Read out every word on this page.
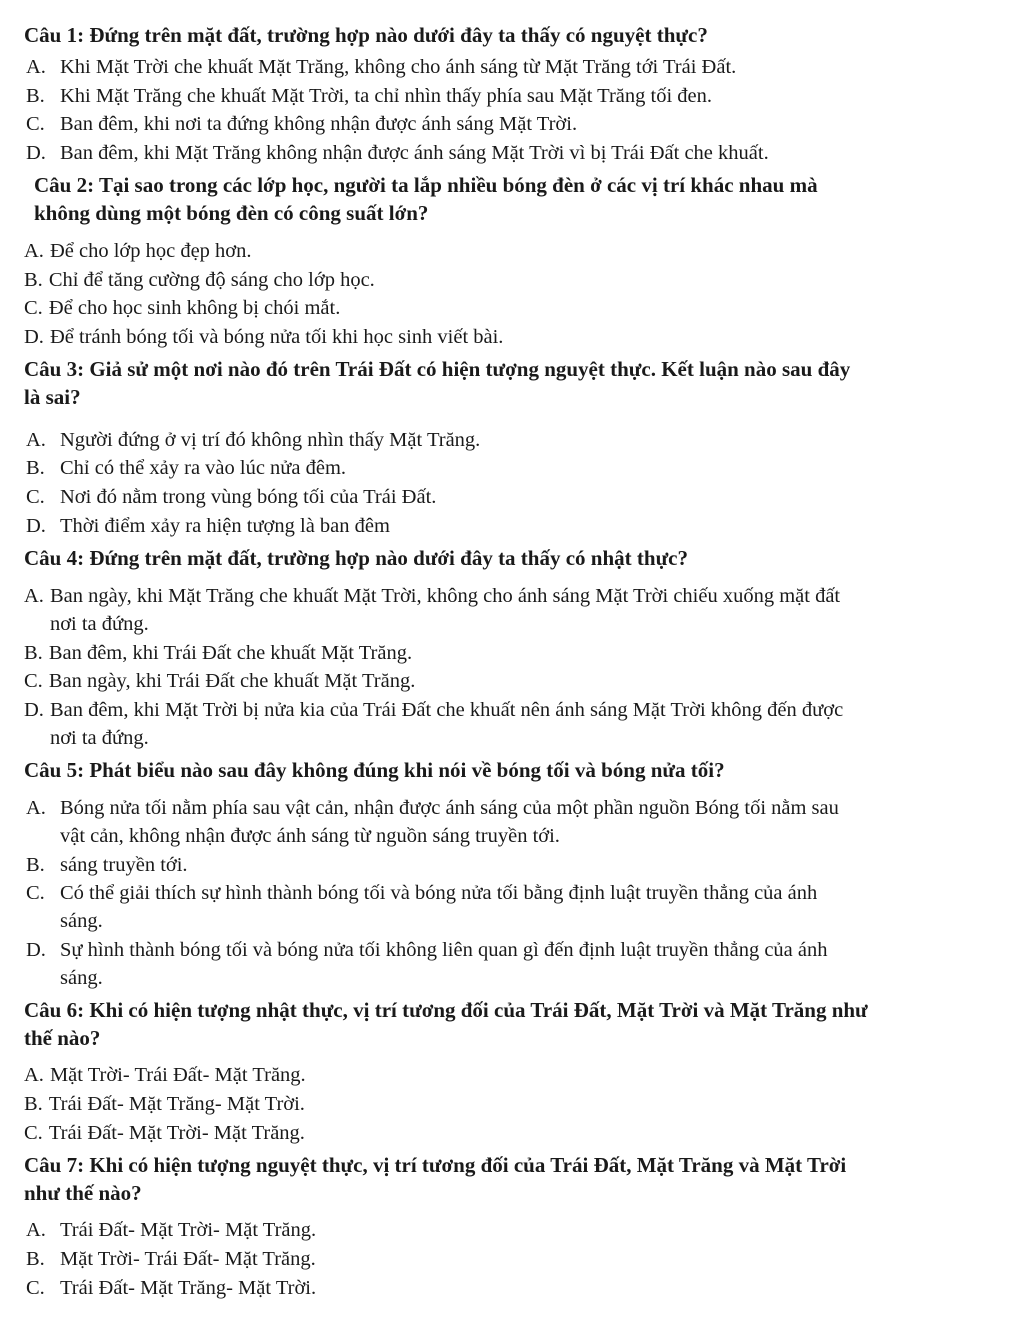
Câu 1: Đứng trên mặt đất, trường hợp nào dưới đây ta thấy có nguyệt thực?
A. Khi Mặt Trời che khuất Mặt Trăng, không cho ánh sáng từ Mặt Trăng tới Trái Đất.
B. Khi Mặt Trăng che khuất Mặt Trời, ta chỉ nhìn thấy phía sau Mặt Trăng tối đen.
C. Ban đêm, khi nơi ta đứng không nhận được ánh sáng Mặt Trời.
D. Ban đêm, khi Mặt Trăng không nhận được ánh sáng Mặt Trời vì bị Trái Đất che khuất.
Câu 2: Tại sao trong các lớp học, người ta lắp nhiều bóng đèn ở các vị trí khác nhau mà
không dùng một bóng đèn có công suất lớn?
A. Để cho lớp học đẹp hơn.
B. Chỉ để tăng cường độ sáng cho lớp học.
C. Để cho học sinh không bị chói mắt.
D. Để tránh bóng tối và bóng nửa tối khi học sinh viết bài.
Câu 3: Giả sử một nơi nào đó trên Trái Đất có hiện tượng nguyệt thực. Kết luận nào sau đây
là sai?
A. Người đứng ở vị trí đó không nhìn thấy Mặt Trăng.
B. Chỉ có thể xảy ra vào lúc nửa đêm.
C. Nơi đó nằm trong vùng bóng tối của Trái Đất.
D. Thời điểm xảy ra hiện tượng là ban đêm
Câu 4: Đứng trên mặt đất, trường hợp nào dưới đây ta thấy có nhật thực?
A. Ban ngày, khi Mặt Trăng che khuất Mặt Trời, không cho ánh sáng Mặt Trời chiếu xuống mặt đất
nơi ta đứng.
B. Ban đêm, khi Trái Đất che khuất Mặt Trăng.
C. Ban ngày, khi Trái Đất che khuất Mặt Trăng.
D. Ban đêm, khi Mặt Trời bị nửa kia của Trái Đất che khuất nên ánh sáng Mặt Trời không đến được
nơi ta đứng.
Câu 5: Phát biểu nào sau đây không đúng khi nói về bóng tối và bóng nửa tối?
A. Bóng nửa tối nằm phía sau vật cản, nhận được ánh sáng của một phần nguồn Bóng tối nằm sau
vật cản, không nhận được ánh sáng từ nguồn sáng truyền tới.
B. sáng truyền tới.
C. Có thể giải thích sự hình thành bóng tối và bóng nửa tối bằng định luật truyền thẳng của ánh
sáng.
D. Sự hình thành bóng tối và bóng nửa tối không liên quan gì đến định luật truyền thẳng của ánh
sáng.
Câu 6: Khi có hiện tượng nhật thực, vị trí tương đối của Trái Đất, Mặt Trời và Mặt Trăng như
thế nào?
A. Mặt Trời- Trái Đất- Mặt Trăng.
B. Trái Đất- Mặt Trăng- Mặt Trời.
C. Trái Đất- Mặt Trời- Mặt Trăng.
Câu 7: Khi có hiện tượng nguyệt thực, vị trí tương đối của Trái Đất, Mặt Trăng và Mặt Trời
như thế nào?
A. Trái Đất- Mặt Trời- Mặt Trăng.
B. Mặt Trời- Trái Đất- Mặt Trăng.
C. Trái Đất- Mặt Trăng- Mặt Trời.
